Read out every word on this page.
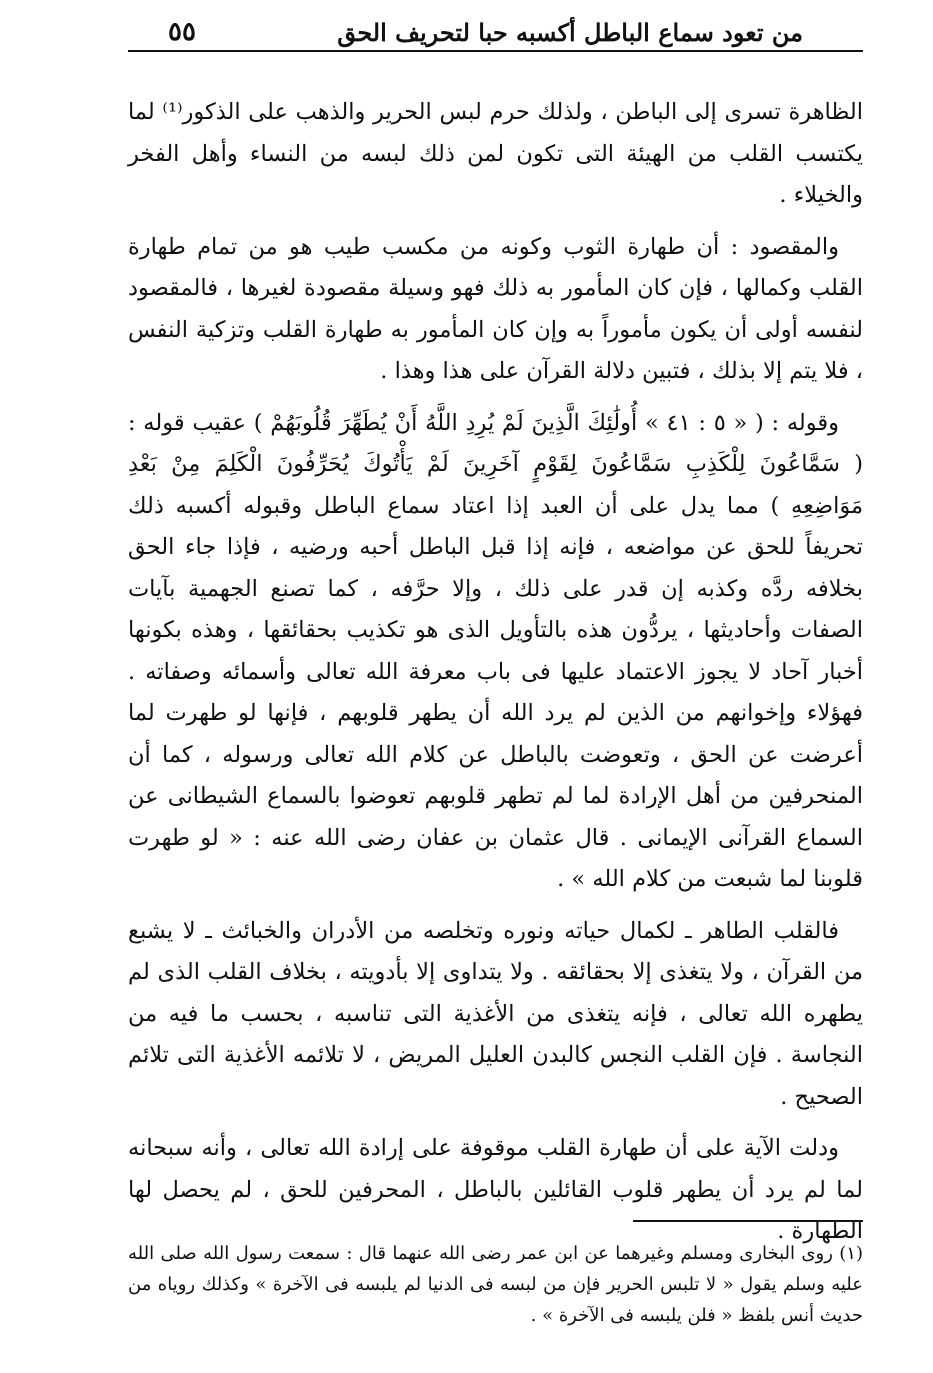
من تعود سماع الباطل أكسبه حبا لتحريف الحق
٥٥

الظاهرة تسرى إلى الباطن ، ولذلك حرم لبس الحرير والذهب على الذكور⁽¹⁾ لما يكتسب القلب من الهيئة التى تكون لمن ذلك لبسه من النساء وأهل الفخر والخيلاء .

والمقصود : أن طهارة الثوب وكونه من مكسب طيب هو من تمام طهارة القلب وكمالها ، فإن كان المأمور به ذلك فهو وسيلة مقصودة لغيرها ، فالمقصود لنفسه أولى أن يكون مأموراً به وإن كان المأمور به طهارة القلب وتزكية النفس ، فلا يتم إلا بذلك ، فتبين دلالة القرآن على هذا وهذا .

وقوله : ( « ٥ : ٤١ » أُولَٰئِكَ الَّذِينَ لَمْ يُرِدِ اللَّهُ أَنْ يُطَهِّرَ قُلُوبَهُمْ ) عقيب قوله : ( سَمَّاعُونَ لِلْكَذِبِ سَمَّاعُونَ لِقَوْمٍ آخَرِينَ لَمْ يَأْتُوكَ يُحَرِّفُونَ الْكَلِمَ مِنْ بَعْدِ مَوَاضِعِهِ ) مما يدل على أن العبد إذا اعتاد سماع الباطل وقبوله أكسبه ذلك تحريفاً للحق عن مواضعه ، فإنه إذا قبل الباطل أحبه ورضيه ، فإذا جاء الحق بخلافه ردَّه وكذبه إن قدر على ذلك ، وإلا حرَّفه ، كما تصنع الجهمية بآيات الصفات وأحاديثها ، يردُّون هذه بالتأويل الذى هو تكذيب بحقائقها ، وهذه بكونها أخبار آحاد لا يجوز الاعتماد عليها فى باب معرفة الله تعالى وأسمائه وصفاته . فهؤلاء وإخوانهم من الذين لم يرد الله أن يطهر قلوبهم ، فإنها لو طهرت لما أعرضت عن الحق ، وتعوضت بالباطل عن كلام الله تعالى ورسوله ، كما أن المنحرفين من أهل الإرادة لما لم تطهر قلوبهم تعوضوا بالسماع الشيطانى عن السماع القرآنى الإيمانى . قال عثمان بن عفان رضى الله عنه : « لو طهرت قلوبنا لما شبعت من كلام الله » .

فالقلب الطاهر ـ لكمال حياته ونوره وتخلصه من الأدران والخبائث ـ لا يشبع من القرآن ، ولا يتغذى إلا بحقائقه . ولا يتداوى إلا بأدويته ، بخلاف القلب الذى لم يطهره الله تعالى ، فإنه يتغذى من الأغذية التى تناسبه ، بحسب ما فيه من النجاسة . فإن القلب النجس كالبدن العليل المريض ، لا تلائمه الأغذية التى تلائم الصحيح .

ودلت الآية على أن طهارة القلب موقوفة على إرادة الله تعالى ، وأنه سبحانه لما لم يرد أن يطهر قلوب القائلين بالباطل ، المحرفين للحق ، لم يحصل لها الطهارة .

(١) روى البخارى ومسلم وغيرهما عن ابن عمر رضى الله عنهما قال : سمعت رسول الله صلى الله عليه وسلم يقول « لا تلبس الحرير فإن من لبسه فى الدنيا لم يلبسه فى الآخرة » وكذلك روياه من حديث أنس بلفظ « فلن يلبسه فى الآخرة » .
